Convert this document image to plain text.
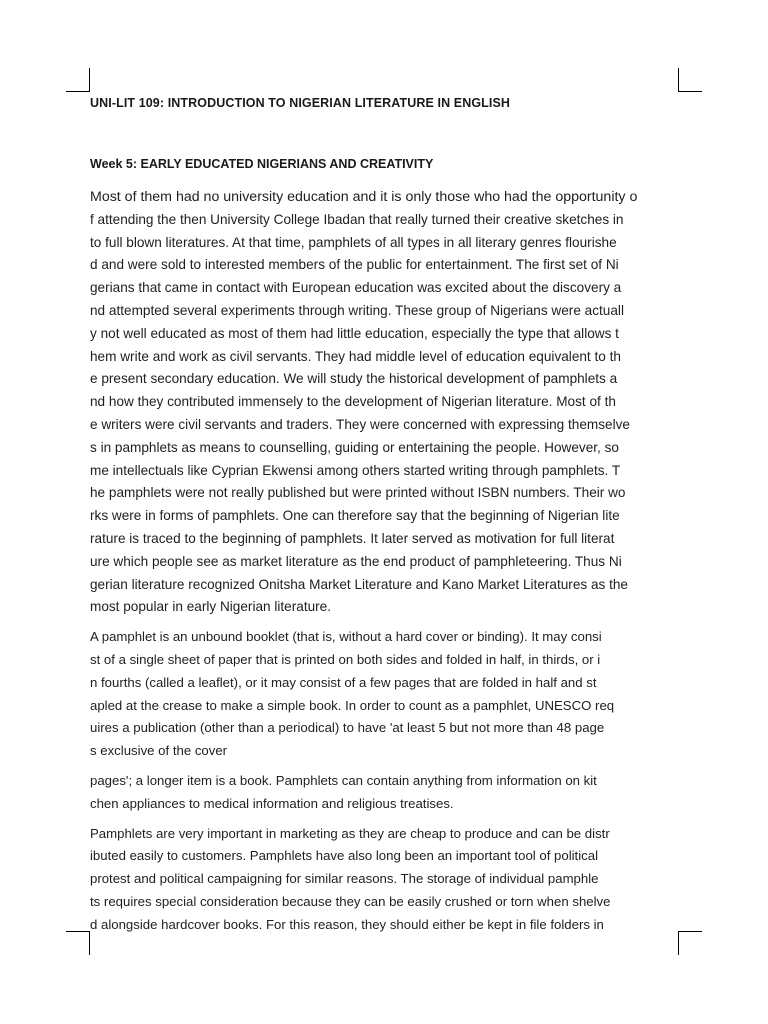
UNI-LIT 109: INTRODUCTION TO NIGERIAN LITERATURE IN ENGLISH
Week 5: EARLY EDUCATED NIGERIANS AND CREATIVITY

Most of them had no university education and it is only those who had the opportunity o
f attending the then University College Ibadan that really turned their creative sketches in
to full blown literatures. At that time, pamphlets of all types in all literary genres flourishe
d and were sold to interested members of the public for entertainment. The first set of Ni
gerians that came in contact with European education was excited about the discovery a
nd attempted several experiments through writing. These group of Nigerians were actuall
y not well educated as most of them had little education, especially the type that allows t
hem write and work as civil servants. They had middle level of education equivalent to th
e present secondary education. We will study the historical development of pamphlets a
nd how they contributed immensely to the development of Nigerian literature. Most of th
e writers were civil servants and traders. They were concerned with expressing themselve
s in pamphlets as means to counselling, guiding or entertaining the people. However, so
me intellectuals like Cyprian Ekwensi among others started writing through pamphlets. T
he pamphlets were not really published but were printed without ISBN numbers. Their wo
rks were in forms of pamphlets. One can therefore say that the beginning of Nigerian lite
rature is traced to the beginning of pamphlets. It later served as motivation for full literat
ure which people see as market literature as the end product of pamphleteering. Thus Ni
gerian literature recognized Onitsha Market Literature and Kano Market Literatures as the
most popular in early Nigerian literature.

A pamphlet is an unbound booklet (that is, without a hard cover or binding). It may consi
st of a single sheet of paper that is printed on both sides and folded in half, in thirds, or i
n fourths (called a leaflet), or it may consist of a few pages that are folded in half and st
apled at the crease to make a simple book. In order to count as a pamphlet, UNESCO req
uires a publication (other than a periodical) to have 'at least 5 but not more than 48 page
s exclusive of the cover

pages'; a longer item is a book. Pamphlets can contain anything from information on kit
chen appliances to medical information and religious treatises.

Pamphlets are very important in marketing as they are cheap to produce and can be distr
ibuted easily to customers. Pamphlets have also long been an important tool of political
protest and political campaigning for similar reasons. The storage of individual pamphle
ts requires special consideration because they can be easily crushed or torn when shelve
d alongside hardcover books. For this reason, they should either be kept in file folders in
